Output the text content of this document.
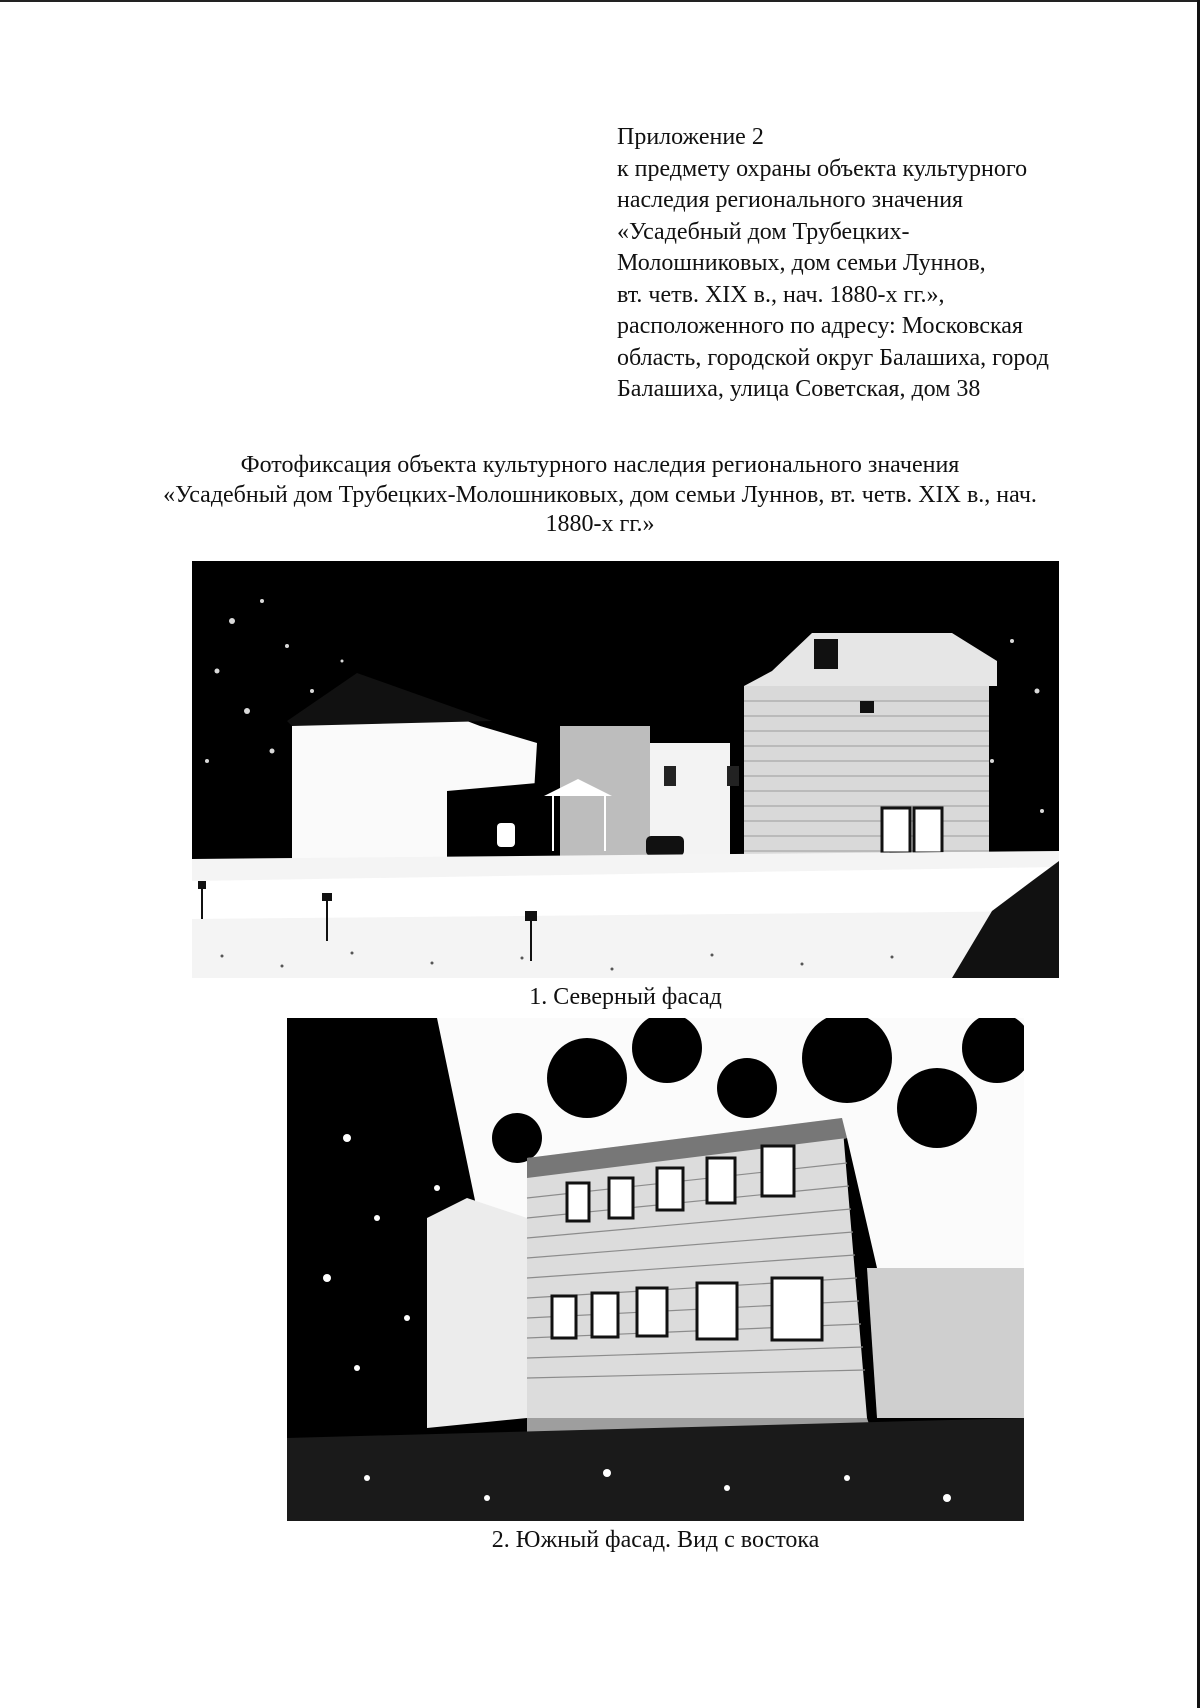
Приложение 2
к предмету охраны объекта культурного
наследия регионального значения
«Усадебный дом Трубецких-
Молошниковых, дом семьи Луннов,
вт. четв. XIX в., нач. 1880-х гг.»,
расположенного по адресу: Московская
область, городской округ Балашиха, город
Балашиха, улица Советская, дом 38
Фотофиксация объекта культурного наследия регионального значения
«Усадебный дом Трубецких-Молошниковых, дом семьи Луннов, вт. четв. XIX в., нач.
1880-х гг.»
1. Северный фасад
2. Южный фасад. Вид с востока
